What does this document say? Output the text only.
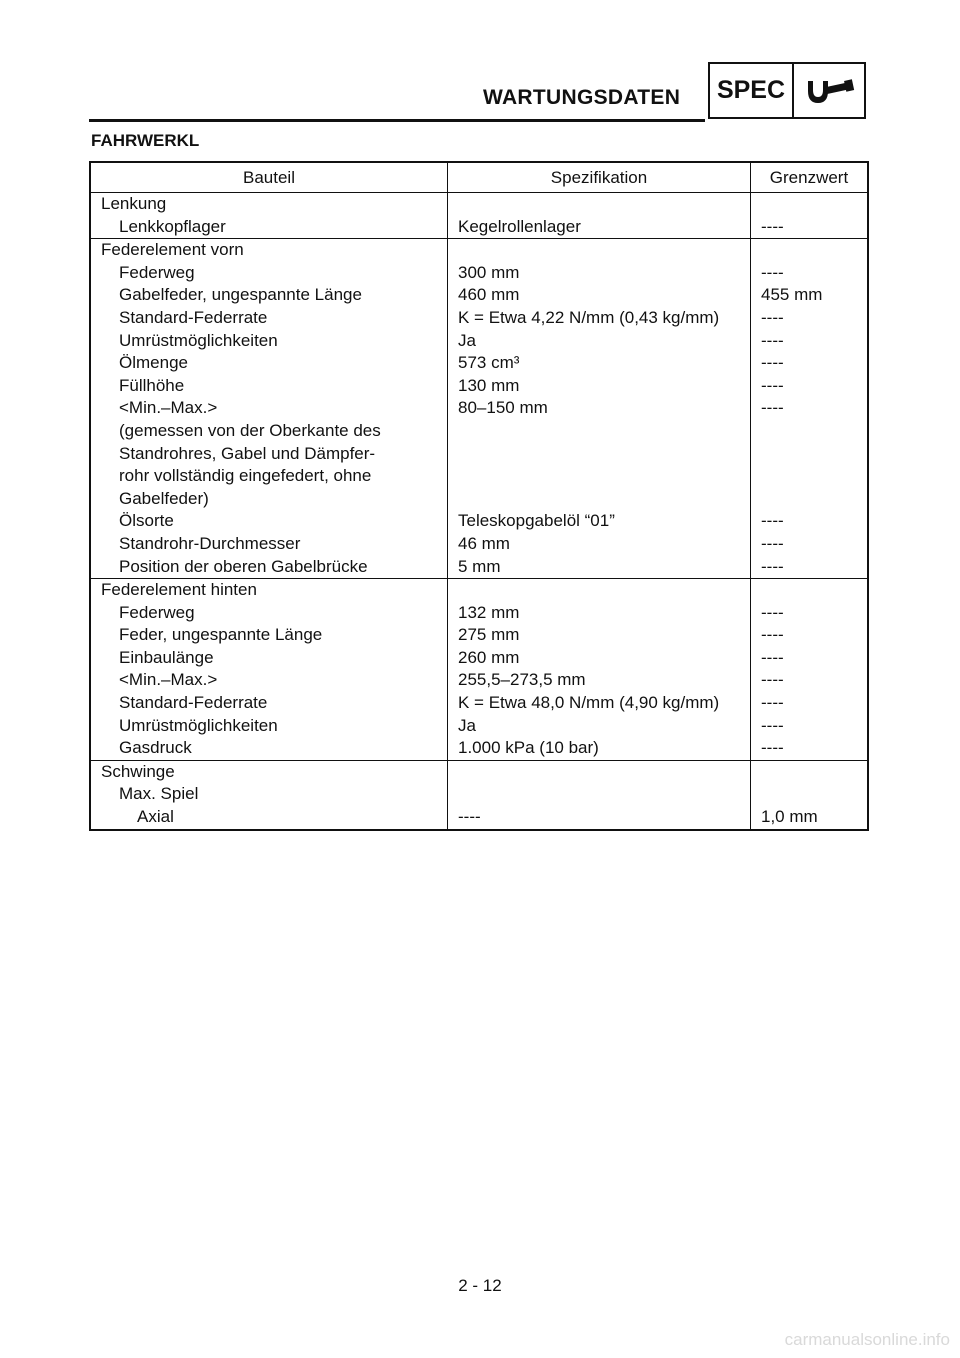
WARTUNGSDATEN SPEC
FAHRWERKL
Bauteil	Spezifikation	Grenzwert
Lenkung		
Lenkkopflager	Kegelrollenlager	----
Federelement vorn		
Federweg	300 mm	----
Gabelfeder, ungespannte Länge	460 mm	455 mm
Standard-Federrate	K = Etwa 4,22 N/mm (0,43 kg/mm)	----
Umrüstmöglichkeiten	Ja	----
Ölmenge	573 cm³	----
Füllhöhe	130 mm	----
<Min.–Max.>	80–150 mm	----
(gemessen von der Oberkante des		
Standrohres, Gabel und Dämpfer-		
rohr vollständig eingefedert, ohne		
Gabelfeder)		
Ölsorte	Teleskopgabelöl “01”	----
Standrohr-Durchmesser	46 mm	----
Position der oberen Gabelbrücke	5 mm	----
Federelement hinten		
Federweg	132 mm	----
Feder, ungespannte Länge	275 mm	----
Einbaulänge	260 mm	----
<Min.–Max.>	255,5–273,5 mm	----
Standard-Federrate	K = Etwa 48,0 N/mm (4,90 kg/mm)	----
Umrüstmöglichkeiten	Ja	----
Gasdruck	1.000 kPa (10 bar)	----
Schwinge		
Max. Spiel		
Axial	----	1,0 mm
2 - 12
carmanualsonline.info
